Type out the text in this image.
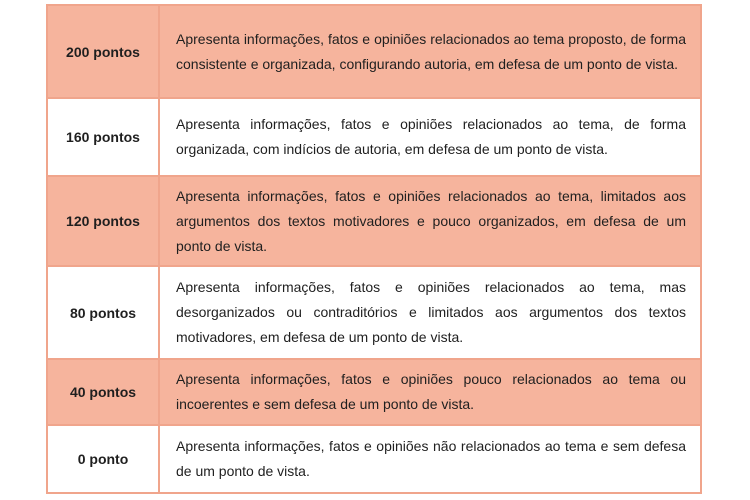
200 pontos	Apresenta informações, fatos e opiniões relacionados ao tema proposto, de forma consistente e organizada, configurando autoria, em defesa de um ponto de vista.
160 pontos	Apresenta informações, fatos e opiniões relacionados ao tema, de forma organizada, com indícios de autoria, em defesa de um ponto de vista.
120 pontos	Apresenta informações, fatos e opiniões relacionados ao tema, limitados aos argumentos dos textos motivadores e pouco organizados, em defesa de um ponto de vista.
80 pontos	Apresenta informações, fatos e opiniões relacionados ao tema, mas desorganizados ou contraditórios e limitados aos argumentos dos textos motivadores, em defesa de um ponto de vista.
40 pontos	Apresenta informações, fatos e opiniões pouco relacionados ao tema ou incoerentes e sem defesa de um ponto de vista.
0 ponto	Apresenta informações, fatos e opiniões não relacionados ao tema e sem defesa de um ponto de vista.
